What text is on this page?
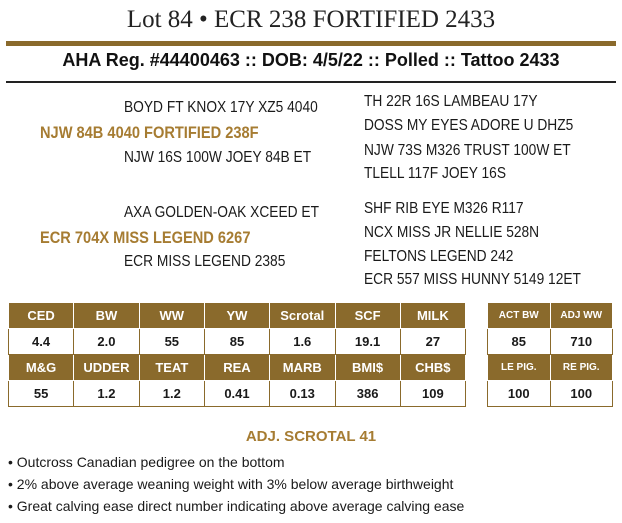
Lot 84 • ECR 238 FORTIFIED 2433
AHA Reg. #44400463 :: DOB: 4/5/22 :: Polled :: Tattoo 2433
BOYD FT KNOX 17Y XZ5 4040
NJW 84B 4040 FORTIFIED 238F
NJW 16S 100W JOEY 84B ET
AXA GOLDEN-OAK XCEED ET
ECR 704X MISS LEGEND 6267
ECR MISS LEGEND 2385
TH 22R 16S LAMBEAU 17Y
DOSS MY EYES ADORE U DHZ5
NJW 73S M326 TRUST 100W ET
TLELL 117F JOEY 16S
SHF RIB EYE M326 R117
NCX MISS JR NELLIE 528N
FELTONS LEGEND 242
ECR 557 MISS HUNNY 5149 12ET
CED	BW	WW	YW	Scrotal	SCF	MILK
4.4	2.0	55	85	1.6	19.1	27
M&G	UDDER	TEAT	REA	MARB	BMI$	CHB$
55	1.2	1.2	0.41	0.13	386	109
ACT BW	ADJ WW
85	710
LE PIG.	RE PIG.
100	100
ADJ. SCROTAL 41
• Outcross Canadian pedigree on the bottom
• 2% above average weaning weight with 3% below average birthweight
• Great calving ease direct number indicating above average calving ease
